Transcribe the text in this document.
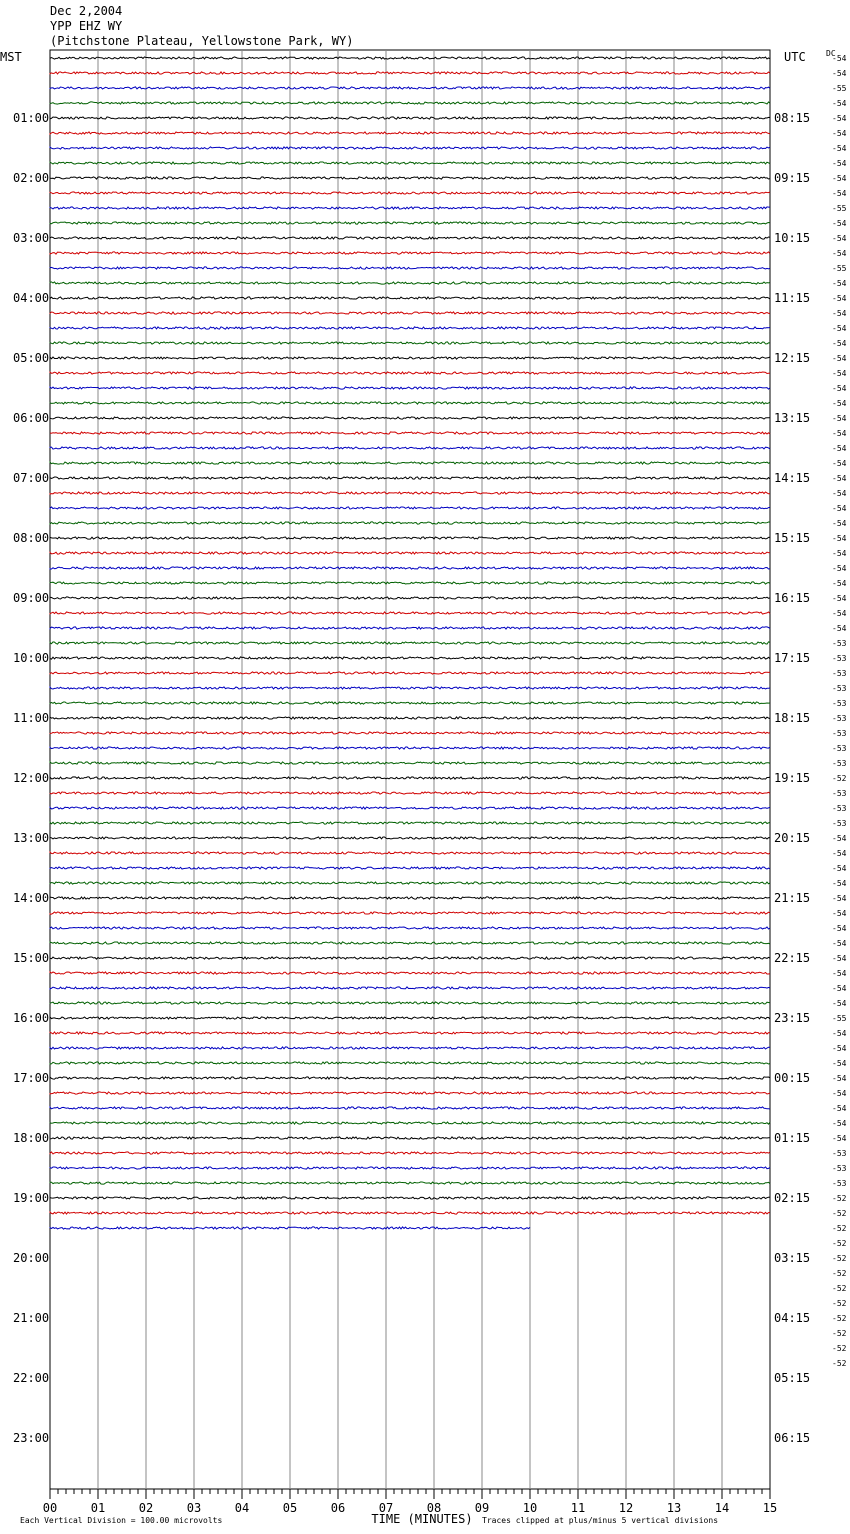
Dec 2,2004
YPP EHZ WY
(Pitchstone Plateau, Yellowstone Park, WY)
00	01	02	03	04	05	06	07	08	09	10	11	12	13	14	15
01:00
02:00
03:00
04:00
05:00
06:00
07:00
08:00
09:00
10:00
11:00
12:00
13:00
14:00
15:00
16:00
17:00
18:00
19:00
20:00
21:00
22:00
23:00
08:15
09:15
10:15
11:15
12:15
13:15
14:15
15:15
16:15
17:15
18:15
19:15
20:15
21:15
22:15
23:15
00:15
01:15
02:15
03:15
04:15
05:15
06:15
DC
-54
-54
-55
-54
-54
-54
-54
-54
-54
-54
-55
-54
-54
-54
-55
-54
-54
-54
-54
-54
-54
-54
-54
-54
-54
-54
-54
-54
-54
-54
-54
-54
-54
-54
-54
-54
-54
-54
-54
-53
-53
-53
-53
-53
-53
-53
-53
-53
-52
-53
-53
-53
-54
-54
-54
-54
-54
-54
-54
-54
-54
-54
-54
-54
-55
-54
-54
-54
-54
-54
-54
-54
-54
-53
-53
-53
-52
-52
-52
-52
-52
-52
-52
-52
-52
-52
-52
-52
MST	UTC
TIME (MINUTES)
Each Vertical Division = 100.00 microvolts	Traces clipped at plus/minus 5 vertical divisions
